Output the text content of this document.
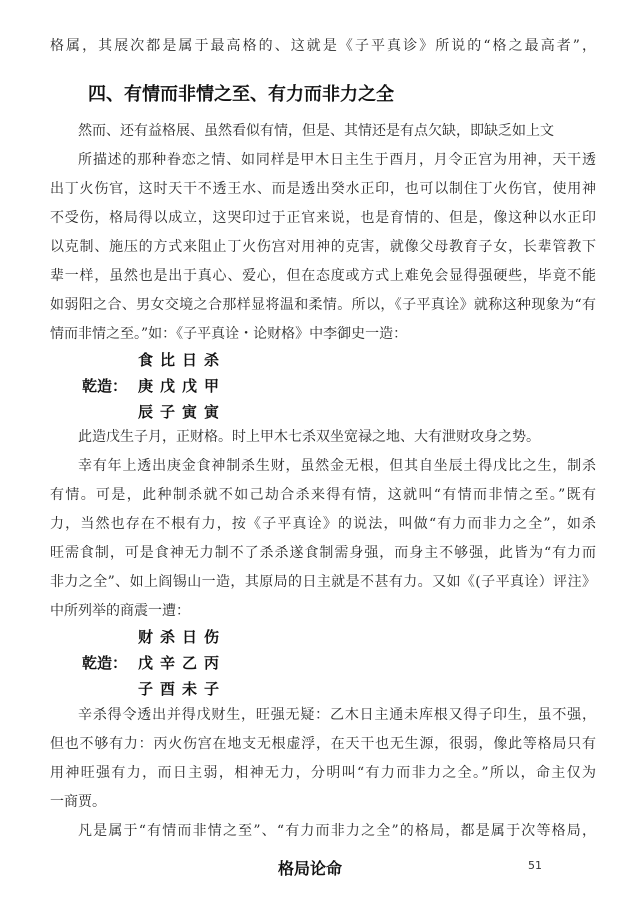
格属，其展次都是属于最高格的、这就是《子平真诊》所说的“格之最高者”，
四、有情而非情之至、有力而非力之全
然而、还有益格展、虽然看似有情，但是、其情还是有点欠缺，即缺乏如上文
所描述的那种眷恋之情、如同样是甲木日主生于酉月，月令正宫为用神，天干透
出丁火伤官，这时天干不透王水、而是透出癸水正印，也可以制住丁火伤官，使用神
不受伤，格局得以成立，这哭印过于正官来说，也是育情的、但是，像这种以水正印
以克制、施压的方式来阻止丁火伤宫对用神的克害，就像父母教育子女，长辈管教下
辈一样，虽然也是出于真心、爱心，但在态度或方式上难免会显得强硬些，毕竟不能
如弱阳之合、男女交境之合那样显将温和柔情。所以，《子平真诠》就称这种现象为“有
情而非情之至。”如：《子平真诠・论财格》中李御史一造：
食 比 日 杀
乾造： 庚 戊 戊 甲
辰 子 寅 寅
此造戊生子月，正财格。时上甲木七杀双坐宽禄之地、大有泄财攻身之势。
幸有年上透出庚金食神制杀生财，虽然金无根，但其自坐辰土得戊比之生，制杀
有情。可是，此种制杀就不如己劫合杀来得有情，这就叫“有情而非情之至。”既有
力，当然也存在不根有力，按《子平真诠》的说法，叫做“有力而非力之全”，如杀
旺需食制，可是食神无力制不了杀杀遂食制需身强，而身主不够强，此皆为“有力而
非力之全”、如上阎锡山一造，其原局的日主就是不甚有力。又如《(子平真诠）评注》
中所列举的商震一遭：
财 杀 日 伤
乾造： 戊 辛 乙 丙
子 酉 未 子
辛杀得令透出并得戊财生，旺强无疑：乙木日主通未库根又得子印生，虽不强，
但也不够有力：丙火伤宫在地支无根虚浮，在天干也无生源，很弱，像此等格局只有
用神旺强有力，而日主弱，相神无力，分明叫“有力而非力之全。”所以，命主仅为
一商贾。
凡是属于“有情而非情之至”、“有力而非力之全”的格局，都是属于次等格局，
格局论命	51
